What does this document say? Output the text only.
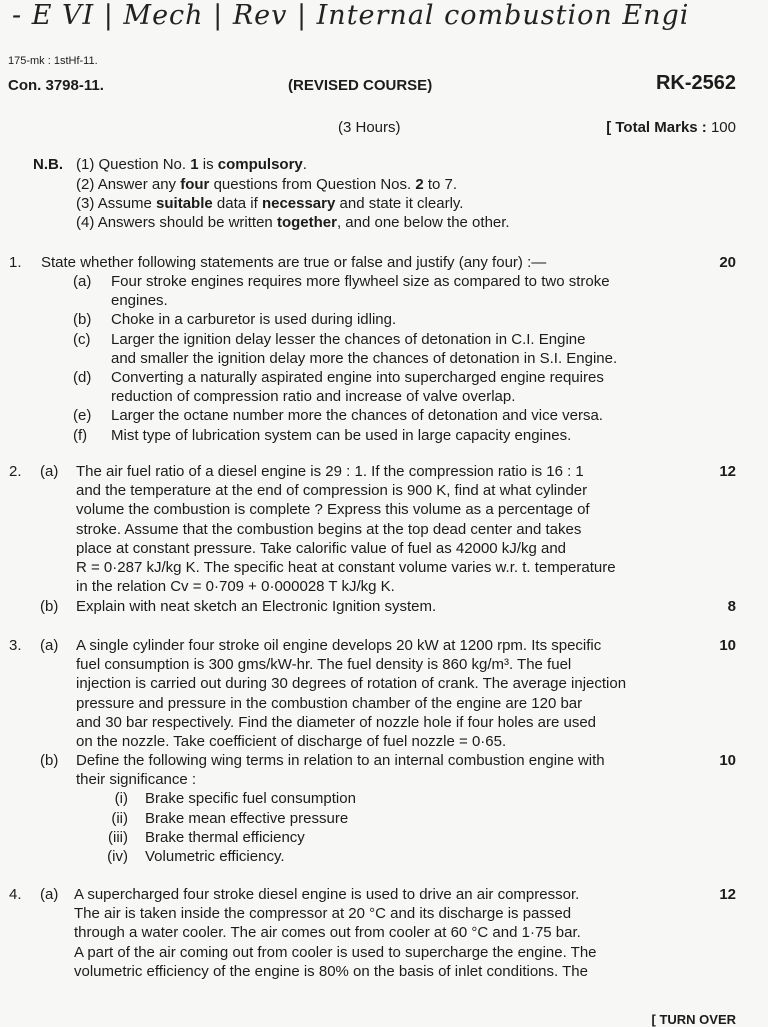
- E VI | Mech | Rev | Internal combustion Engi
175-mk : 1stHf-11.
Con. 3798-11.	(REVISED COURSE)	RK-2562
(3 Hours)	[ Total Marks : 100
N.B. (1) Question No. 1 is compulsory.
(2) Answer any four questions from Question Nos. 2 to 7.
(3) Assume suitable data if necessary and state it clearly.
(4) Answers should be written together, and one below the other.
1. State whether following statements are true or false and justify (any four) :—	20
(a) Four stroke engines requires more flywheel size as compared to two stroke
engines.
(b) Choke in a carburetor is used during idling.
(c) Larger the ignition delay lesser the chances of detonation in C.I. Engine
and smaller the ignition delay more the chances of detonation in S.I. Engine.
(d) Converting a naturally aspirated engine into supercharged engine requires
reduction of compression ratio and increase of valve overlap.
(e) Larger the octane number more the chances of detonation and vice versa.
(f) Mist type of lubrication system can be used in large capacity engines.
2. (a)	12
The air fuel ratio of a diesel engine is 29 : 1. If the compression ratio is 16 : 1
and the temperature at the end of compression is 900 K, find at what cylinder
volume the combustion is complete ? Express this volume as a percentage of
stroke. Assume that the combustion begins at the top dead center and takes
place at constant pressure. Take calorific value of fuel as 42000 kJ/kg and
R = 0·287 kJ/kg K. The specific heat at constant volume varies w.r. t. temperature
in the relation Cv = 0·709 + 0·000028 T kJ/kg K.
(b) Explain with neat sketch an Electronic Ignition system.	8
3. (a)	10
A single cylinder four stroke oil engine develops 20 kW at 1200 rpm. Its specific
fuel consumption is 300 gms/kW-hr. The fuel density is 860 kg/m³. The fuel
injection is carried out during 30 degrees of rotation of crank. The average injection
pressure and pressure in the combustion chamber of the engine are 120 bar
and 30 bar respectively. Find the diameter of nozzle hole if four holes are used
on the nozzle. Take coefficient of discharge of fuel nozzle = 0·65.
(b)	10
Define the following wing terms in relation to an internal combustion engine with
their significance :
(i) Brake specific fuel consumption
(ii) Brake mean effective pressure
(iii) Brake thermal efficiency
(iv) Volumetric efficiency.
4. (a)	12
A supercharged four stroke diesel engine is used to drive an air compressor.
The air is taken inside the compressor at 20 °C and its discharge is passed
through a water cooler. The air comes out from cooler at 60 °C and 1·75 bar.
A part of the air coming out from cooler is used to supercharge the engine. The
volumetric efficiency of the engine is 80% on the basis of inlet conditions. The
[ TURN OVER
